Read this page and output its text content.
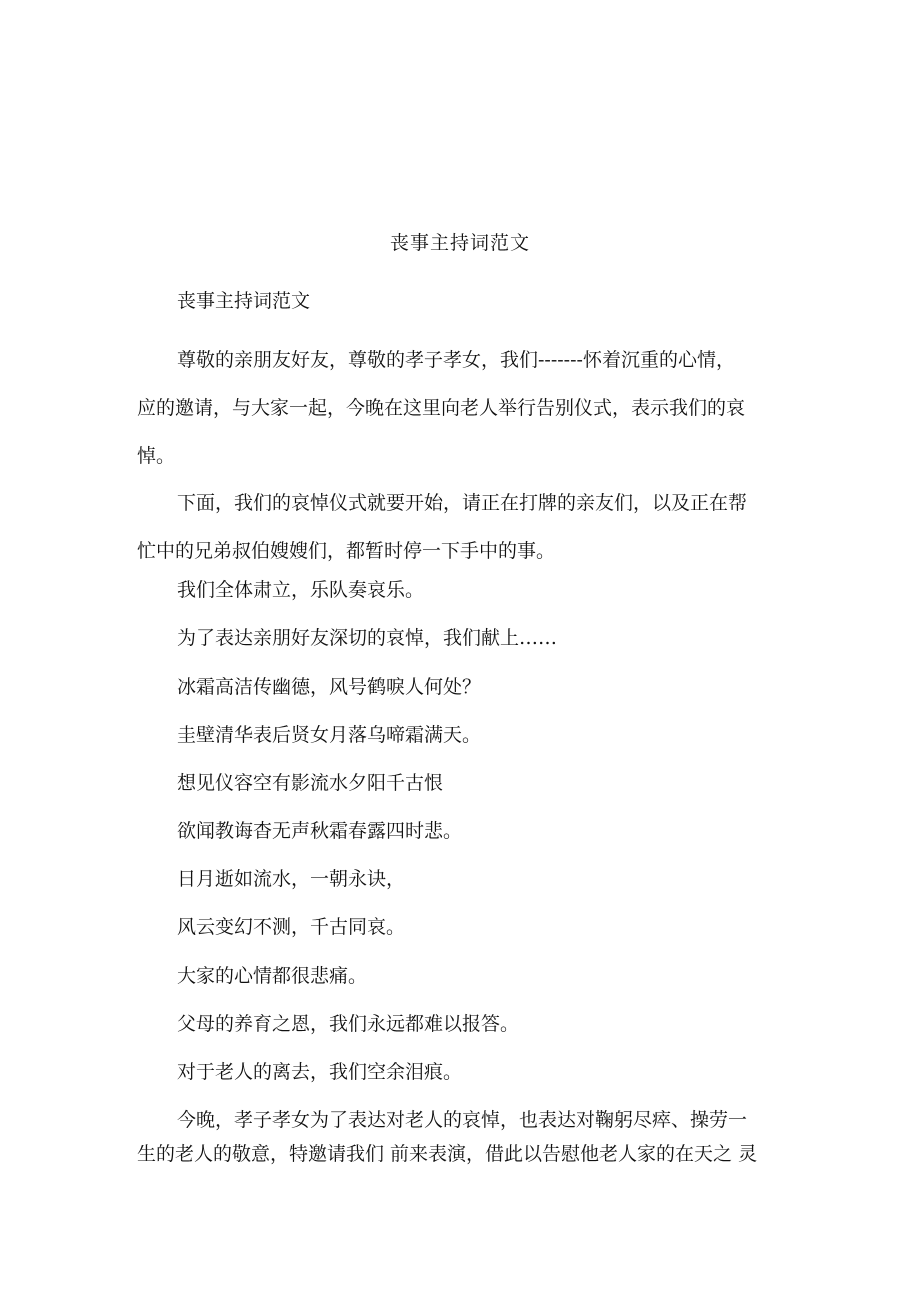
丧事主持词范文
丧事主持词范文
尊敬的亲朋友好友，尊敬的孝子孝女，我们-------怀着沉重的心情，
应的邀请，与大家一起，今晚在这里向老人举行告别仪式，表示我们的哀
悼。
下面，我们的哀悼仪式就要开始，请正在打牌的亲友们，以及正在帮
忙中的兄弟叔伯嫂嫂们，都暂时停一下手中的事。
我们全体肃立，乐队奏哀乐。
为了表达亲朋好友深切的哀悼，我们献上……
冰霜高洁传幽德，风号鹤唳人何处？
圭壁清华表后贤女月落乌啼霜满天。
想见仪容空有影流水夕阳千古恨
欲闻教诲杳无声秋霜春露四时悲。
日月逝如流水，一朝永诀，
风云变幻不测，千古同哀。
大家的心情都很悲痛。
父母的养育之恩，我们永远都难以报答。
对于老人的离去，我们空余泪痕。
今晚，孝子孝女为了表达对老人的哀悼，也表达对鞠躬尽瘁、操劳一
生的老人的敬意，特邀请我们 前来表演，借此以告慰他老人家的在天之 灵
